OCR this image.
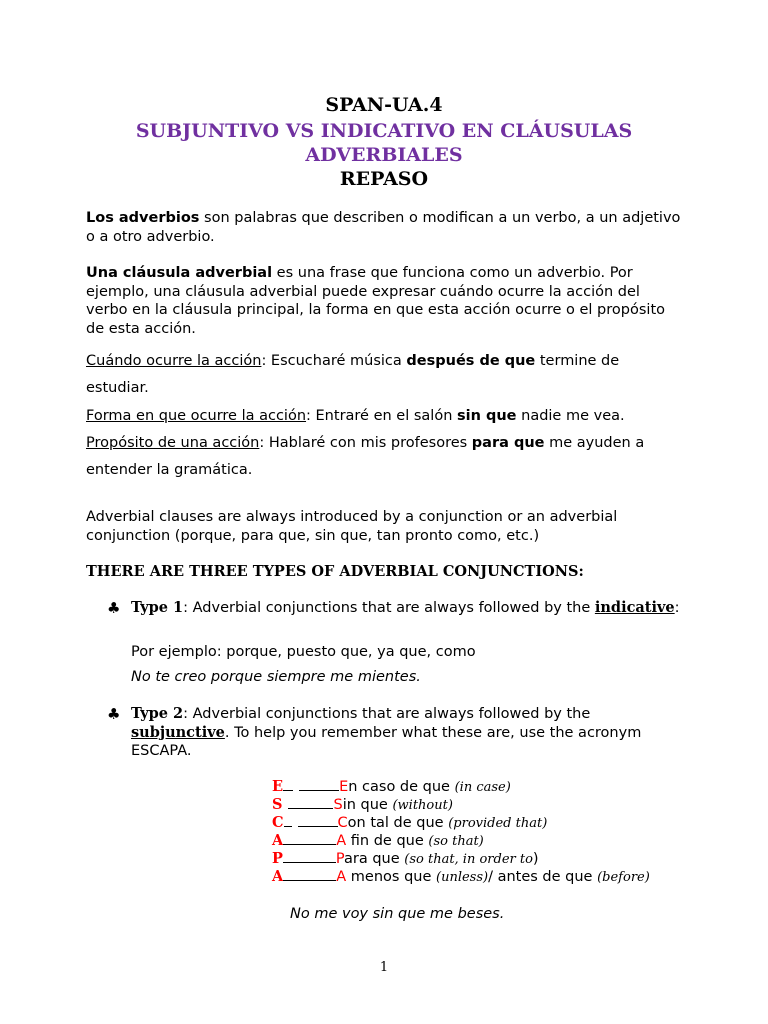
SPAN-UA.4
SUBJUNTIVO VS INDICATIVO EN CLÁUSULAS
ADVERBIALES
REPASO
Los adverbios son palabras que describen o modifican a un verbo, a un adjetivo o a otro adverbio.
Una cláusula adverbial es una frase que funciona como un adverbio. Por ejemplo, una cláusula adverbial puede expresar cuándo ocurre la acción del verbo en la cláusula principal, la forma en que esta acción ocurre o el propósito de esta acción.
Cuándo ocurre la acción: Escucharé música después de que termine de estudiar.
Forma en que ocurre la acción: Entraré en el salón sin que nadie me vea.
Propósito de una acción: Hablaré con mis profesores para que me ayuden a entender la gramática.
Adverbial clauses are always introduced by a conjunction or an adverbial conjunction (porque, para que, sin que, tan pronto como, etc.)
THERE ARE THREE TYPES OF ADVERBIAL CONJUNCTIONS:
♣ Type 1: Adverbial conjunctions that are always followed by the indicative:
Por ejemplo: porque, puesto que, ya que, como
No te creo porque siempre me mientes.
♣ Type 2: Adverbial conjunctions that are always followed by the subjunctive. To help you remember what these are, use the acronym ESCAPA.
E	En caso de que (in case)
S	Sin que (without)
C	Con tal de que (provided that)
A	A fin de que (so that)
P	Para que (so that, in order to)
A	A menos que (unless)/ antes de que (before)
No me voy sin que me beses.
1
